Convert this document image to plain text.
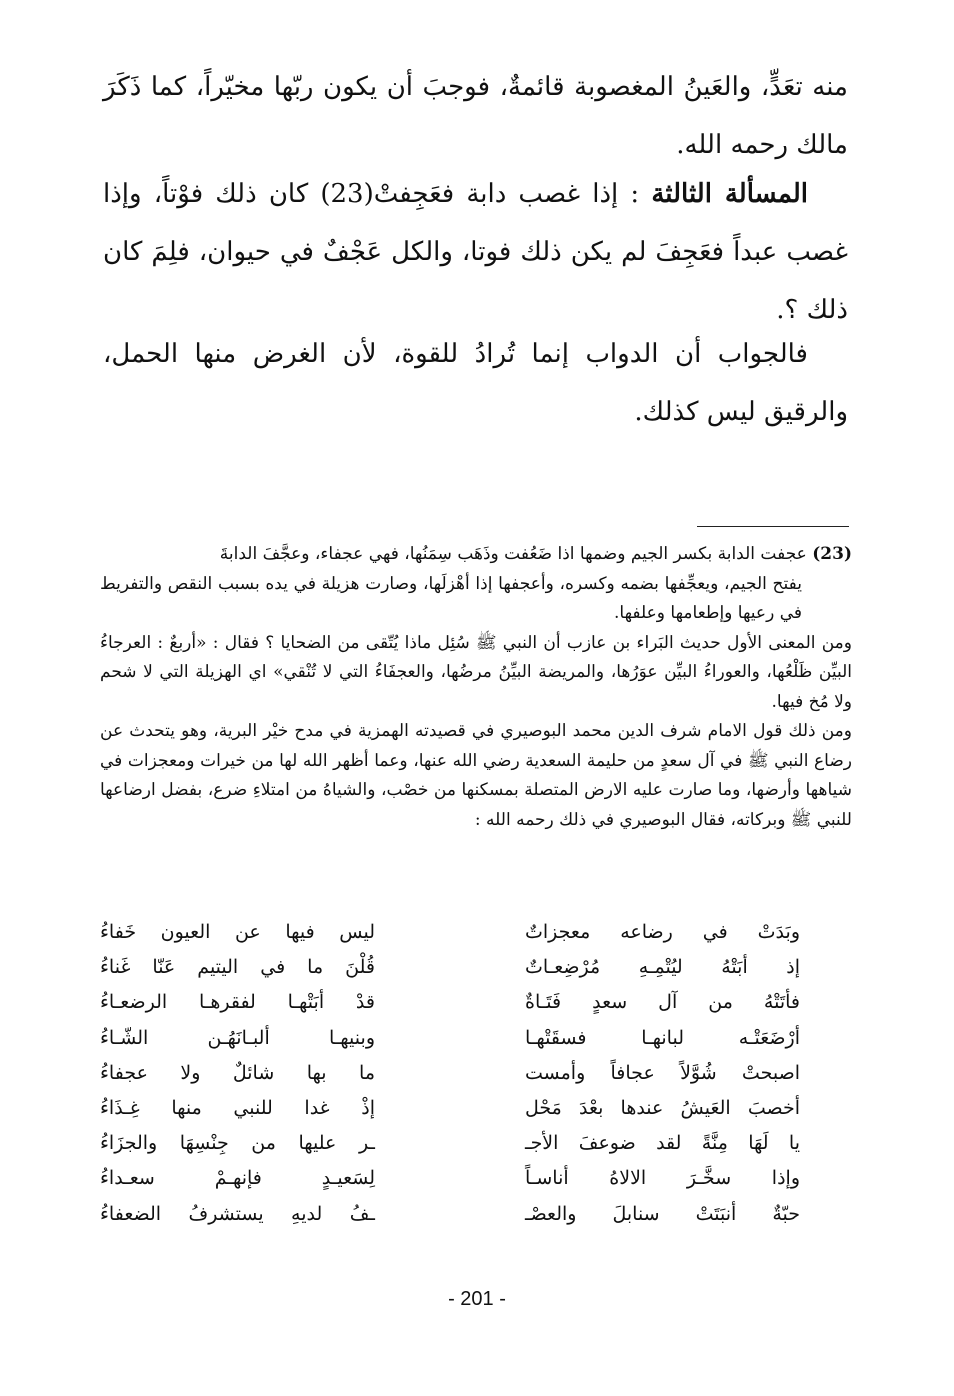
منه تعَدٍّ، والعَينُ المغصوبة قائمةٌ، فوجبَ أن يكون ربّها مخيّراً، كما ذَكَرَ مالك رحمه الله.

المسألة الثالثة : إذا غصب دابة فعَجِفتْ(23) كان ذلك فوْتاً، وإذا غصب عبداً فعَجِفَ لم يكن ذلك فوتا، والكل عَجْفٌ في حيوان، فلِمَ كان ذلك ؟.

فالجواب أن الدواب إنما تُرادُ للقوة، لأن الغرض منها الحمل، والرقيق ليس كذلك.

(23) عجفت الدابة بكسر الجيم وضمها اذا ضَعُفت وذَهَب سِمَنُها، فهي عجفاء، وعجَّفَ الدابةَ

يفتح الجيم، ويعجِّفها بضمه وكسره، وأعجفها إذا أهْزلَها، وصارت هزيلة في يده بسبب النقص والتفريط في رعيها وإطعامها وعلفها.

ومن المعنى الأول حديث البَراء بن عازب أن النبي ﷺ سُئِل ماذا يُتّقى من الضحايا ؟ فقال : «أربعٌ : العرجاءُ البيِّن ظَلْعُها، والعوراءُ البيِّن عوَرُها، والمريضة البيِّنُ مرضُها، والعجفَاءُ التي لا تُنْقي» اي الهزيلة التي لا شحم ولا مُخ فيها.

ومن ذلك قول الامام شرف الدين محمد البوصيري في قصيدته الهمزية في مدح خيْر البرية، وهو يتحدث عن رضاع النبي ﷺ في آل سعدٍ من حليمة السعدية رضي الله عنها، وعما أظهر الله لها من خيرات ومعجزات في شياهها وأرضها، وما صارت عليه الارض المتصلة بمسكنها من خصْب، والشياهُ من امتلاءِ ضرع، بفضل ارضاعها للنبي ﷺ وبركاته، فقال البوصيري في ذلك رحمه الله :

وبَدَتْ في رضاعه معجزاتٌ
ليس فيها عن العيون خَفاءُ
إذ أبَتْهُ ليُتْمِـهِ مُرْضِعـاتٌ
قُلْنَ ما في اليتيم عَنّا غَناءُ
فأتَتْهُ من آل سعدٍ فَتَـاةٌ
قدْ أبَتْهـا لفقرهـا الرضعـاءُ
أرْضَعَتْـه لبانهـا فسقَتْهـا
وبنيهـا ألبـانَهُـن الشّـاءُ
اصبحتْ شُوَّلاً عجافاً وأمست
ما بها شائلٌ ولا عجفاءُ
أخصبَ العَيشُ عندها بعْدَ مَحْل
إذْ غدا للنبي منها غِـذَاءُ
يا لَهَا مِنَّةً لقد ضوعفَ الأجـ
ـر عليها من جِنْسِهَا والجزَاءُ
وإذا سخَّـرَ الالاهُ أناسـاً
لِسَعيـدٍ فإنهـمْ سعـداءُ
حبّةٌ أنبَتَتْ سنابلَ والعصْـ
ـفُ لديهِ يستشرفُ الضعفاءُ
- 201 -
